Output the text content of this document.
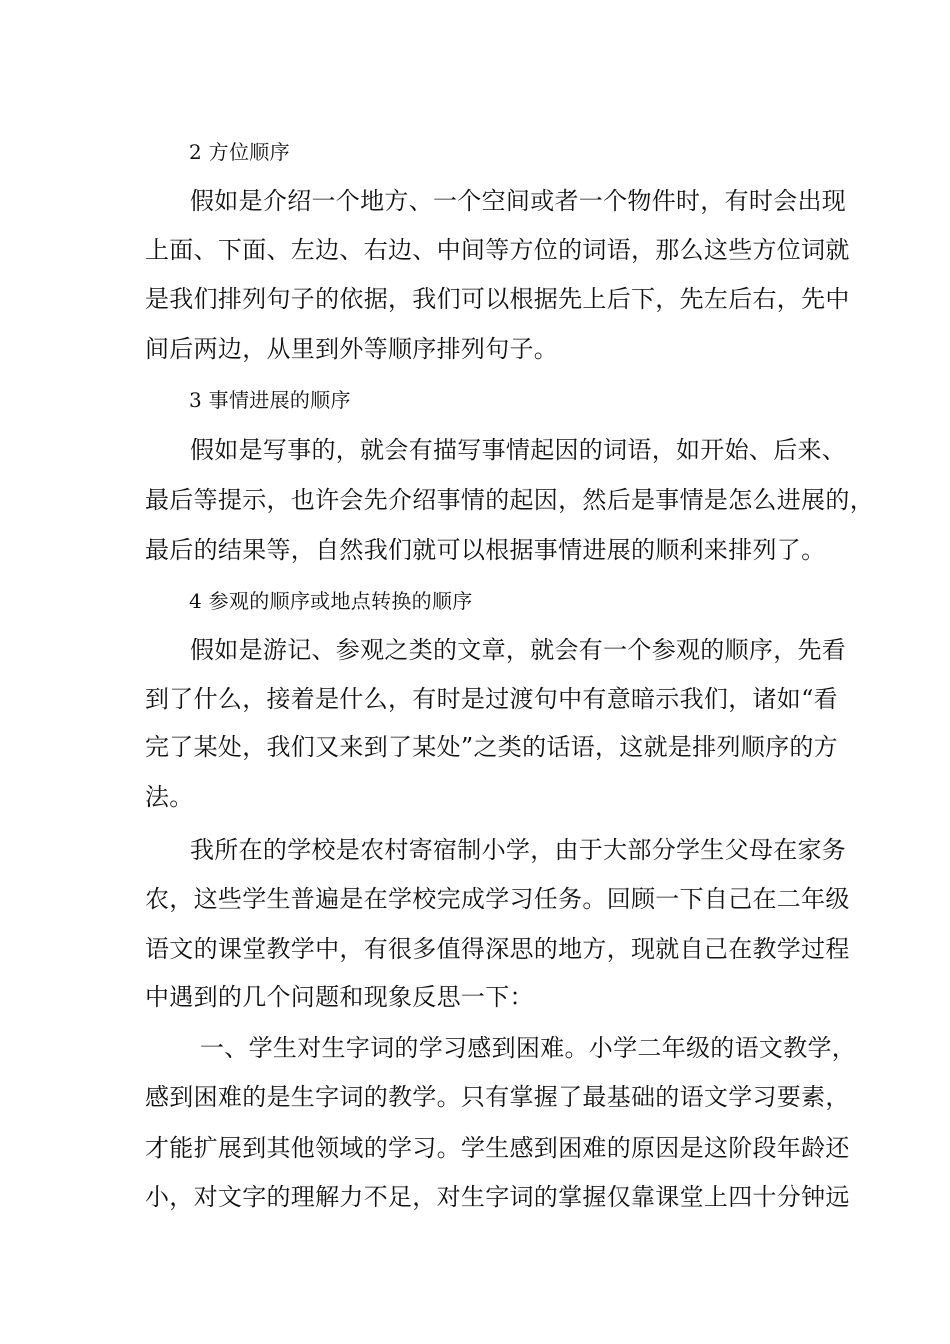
2 方位顺序
假如是介绍一个地方、一个空间或者一个物件时，有时会出现
上面、下面、左边、右边、中间等方位的词语，那么这些方位词就
是我们排列句子的依据，我们可以根据先上后下，先左后右，先中
间后两边，从里到外等顺序排列句子。
3 事情进展的顺序
假如是写事的，就会有描写事情起因的词语，如开始、后来、
最后等提示，也许会先介绍事情的起因，然后是事情是怎么进展的，
最后的结果等，自然我们就可以根据事情进展的顺利来排列了。
4 参观的顺序或地点转换的顺序
假如是游记、参观之类的文章，就会有一个参观的顺序，先看
到了什么，接着是什么，有时是过渡句中有意暗示我们，诸如“看
完了某处，我们又来到了某处”之类的话语，这就是排列顺序的方
法。
我所在的学校是农村寄宿制小学，由于大部分学生父母在家务
农，这些学生普遍是在学校完成学习任务。回顾一下自己在二年级
语文的课堂教学中，有很多值得深思的地方，现就自己在教学过程
中遇到的几个问题和现象反思一下：
一、学生对生字词的学习感到困难。小学二年级的语文教学，
感到困难的是生字词的教学。只有掌握了最基础的语文学习要素，
才能扩展到其他领域的学习。学生感到困难的原因是这阶段年龄还
小，对文字的理解力不足，对生字词的掌握仅靠课堂上四十分钟远
